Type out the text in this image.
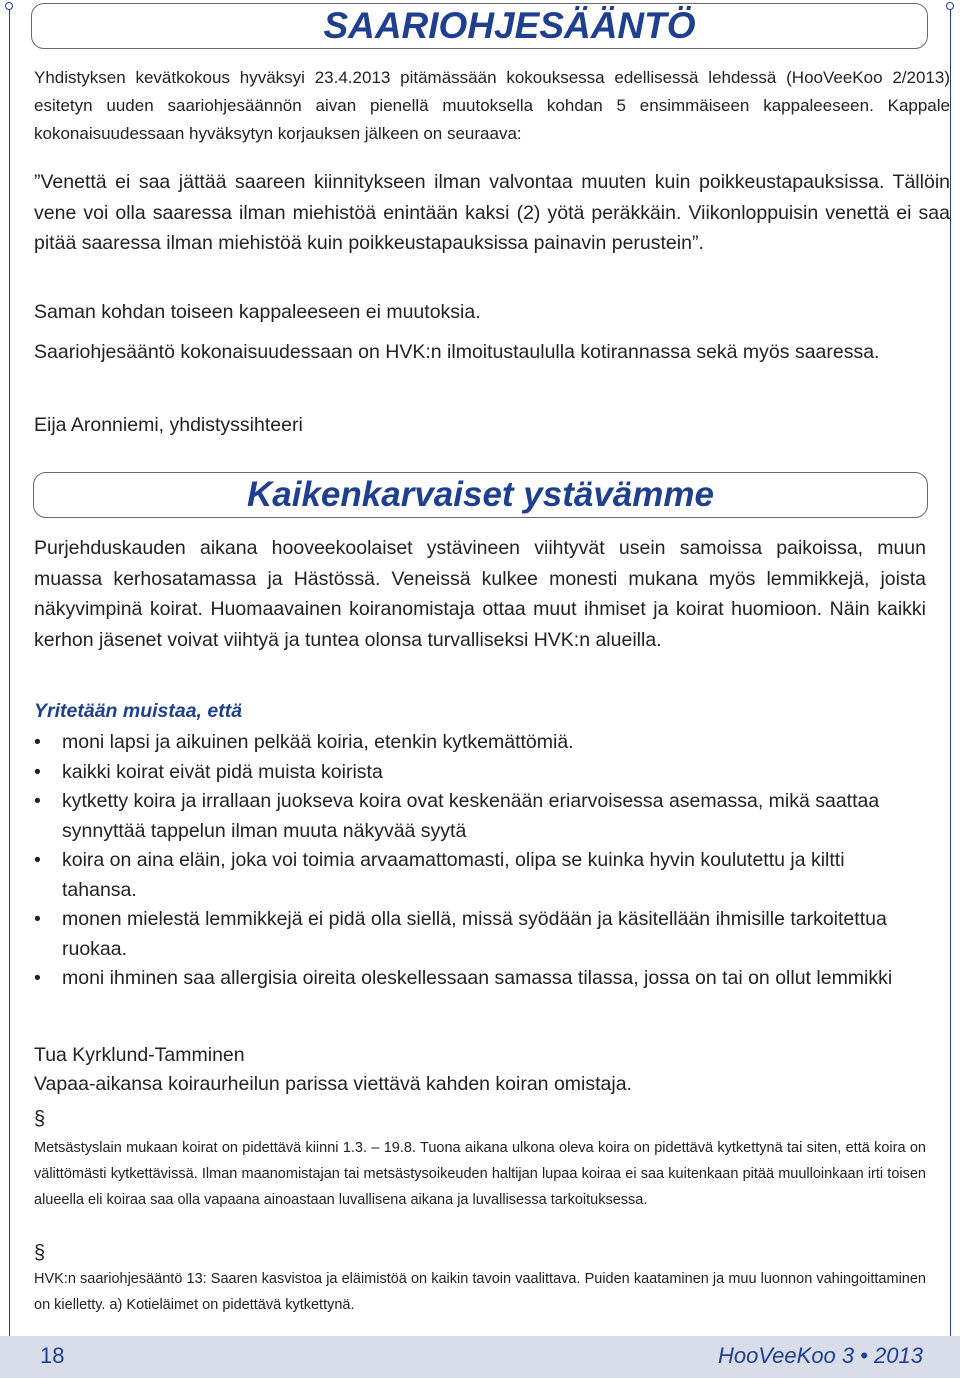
SAARIOHJESÄÄNTÖ

Yhdistyksen kevätkokous hyväksyi 23.4.2013 pitämässään kokouksessa edellisessä lehdessä (HooVeeKoo 2/2013) esitetyn uuden saariohjesäännön aivan pienellä muutoksella kohdan 5 ensimmäiseen kappaleeseen. Kappale kokonaisuudessaan hyväksytyn korjauksen jälkeen on seuraava:

”Venettä ei saa jättää saareen kiinnitykseen ilman valvontaa muuten kuin poikkeustapauksissa. Tällöin vene voi olla saaressa ilman miehistöä enintään kaksi (2) yötä peräkkäin. Viikonloppuisin venettä ei saa pitää saaressa ilman miehistöä kuin poikkeustapauksissa painavin perustein”.

Saman kohdan toiseen kappaleeseen ei muutoksia.

Saariohjesääntö kokonaisuudessaan on HVK:n ilmoitustaululla kotirannassa sekä myös saaressa.

Eija Aronniemi, yhdistyssihteeri

Kaikenkarvaiset ystävämme

Purjehduskauden aikana hooveekoolaiset ystävineen viihtyvät usein samoissa paikoissa, muun muassa kerhosatamassa ja Hästössä. Veneissä kulkee monesti mukana myös lemmikkejä, joista näkyvimpinä koirat. Huomaavainen koiranomistaja ottaa muut ihmiset ja koirat huomioon. Näin kaikki kerhon jäsenet voivat viihtyä ja tuntea olonsa turvalliseksi HVK:n alueilla.

Yritetään muistaa, että
• moni lapsi ja aikuinen pelkää koiria, etenkin kytkemättömiä.
• kaikki koirat eivät pidä muista koirista
• kytketty koira ja irrallaan juokseva koira ovat keskenään eriarvoisessa asemassa, mikä saattaa synnyttää tappelun ilman muuta näkyvää syytä
• koira on aina eläin, joka voi toimia arvaamattomasti, olipa se kuinka hyvin koulutettu ja kiltti tahansa.
• monen mielestä lemmikkejä ei pidä olla siellä, missä syödään ja käsitellään ihmisille tarkoitettua ruokaa.
• moni ihminen saa allergisia oireita oleskellessaan samassa tilassa, jossa on tai on ollut lemmikki

Tua Kyrklund-Tamminen

Vapaa-aikansa koiraurheilun parissa viettävä kahden koiran omistaja.

§

Metsästyslain mukaan koirat on pidettävä kiinni 1.3. – 19.8. Tuona aikana ulkona oleva koira on pidettävä kytkettynä tai siten, että koira on välittömästi kytkettävissä. Ilman maanomistajan tai metsästysoikeuden haltijan lupaa koiraa ei saa kuitenkaan pitää muulloinkaan irti toisen alueella eli koiraa saa olla vapaana ainoastaan luvallisena aikana ja luvallisessa tarkoituksessa.

§

HVK:n saariohjesääntö 13: Saaren kasvistoa ja eläimistöä on kaikin tavoin vaalittava. Puiden kaataminen ja muu luonnon vahingoittaminen on kielletty. a) Kotieläimet on pidettävä kytkettynä.

18	HooVeeKoo 3 • 2013
